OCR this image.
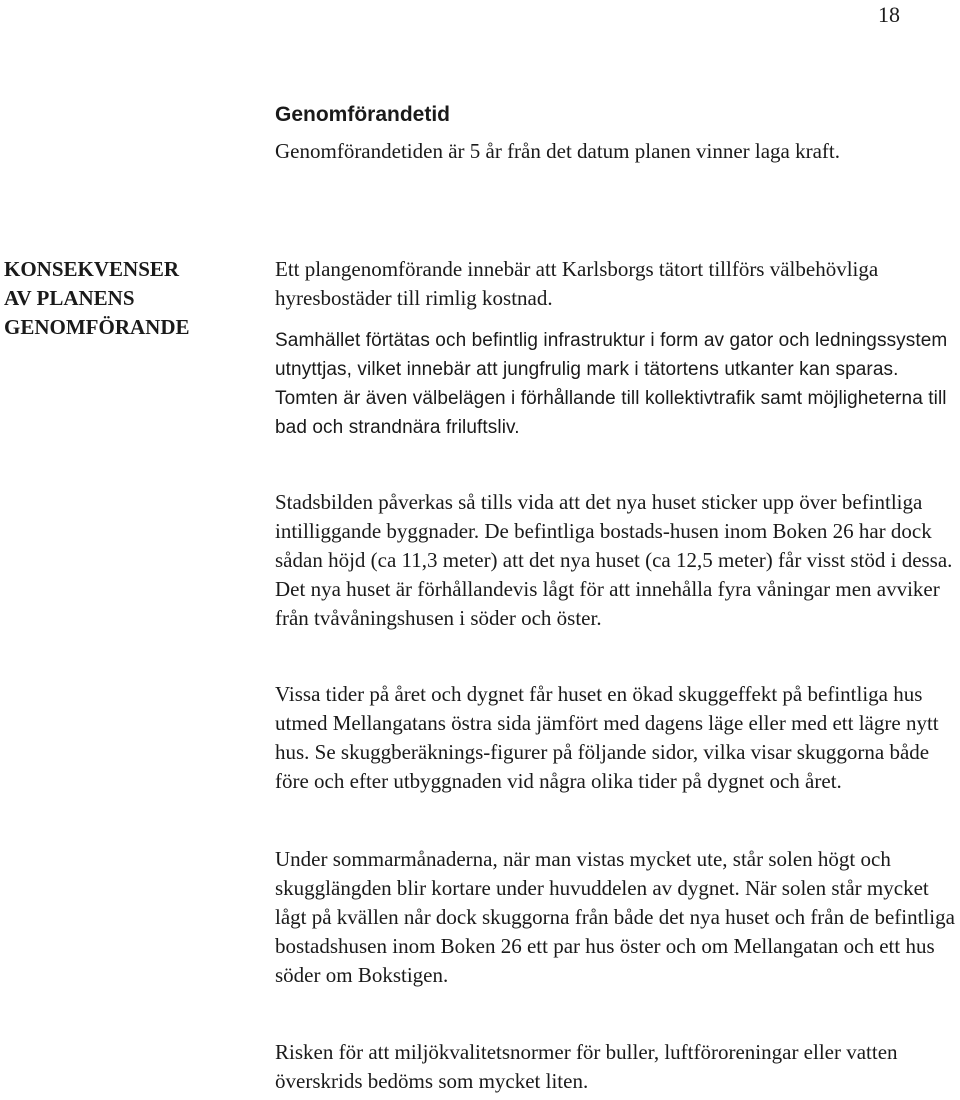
18
Genomförandetid

Genomförandetiden är 5 år från det datum planen vinner laga kraft.

KONSEKVENSER
AV PLANENS
GENOMFÖRANDE

Ett plangenomförande innebär att Karlsborgs tätort tillförs välbehövliga hyresbostäder till rimlig kostnad.

Samhället förtätas och befintlig infrastruktur i form av gator och ledningssystem utnyttjas, vilket innebär att jungfrulig mark i tätortens utkanter kan sparas. Tomten är även välbelägen i förhållande till kollektivtrafik samt möjligheterna till bad och strandnära friluftsliv.

Stadsbilden påverkas så tills vida att det nya huset sticker upp över befintliga intilliggande byggnader. De befintliga bostads-husen inom Boken 26 har dock sådan höjd (ca 11,3 meter) att det nya huset (ca 12,5 meter) får visst stöd i dessa. Det nya huset är förhållandevis lågt för att innehålla fyra våningar men avviker från tvåvåningshusen i söder och öster.

Vissa tider på året och dygnet får huset en ökad skuggeffekt på befintliga hus utmed Mellangatans östra sida jämfört med dagens läge eller med ett lägre nytt hus. Se skuggberäknings-figurer på följande sidor, vilka visar skuggorna både före och efter utbyggnaden vid några olika tider på dygnet och året.

Under sommarmånaderna, när man vistas mycket ute, står solen högt och skugglängden blir kortare under huvuddelen av dygnet. När solen står mycket lågt på kvällen når dock skuggorna från både det nya huset och från de befintliga bostadshusen inom Boken 26 ett par hus öster och om Mellangatan och ett hus söder om Bokstigen.

Risken för att miljökvalitetsnormer för buller, luftföroreningar eller vatten överskrids bedöms som mycket liten.
